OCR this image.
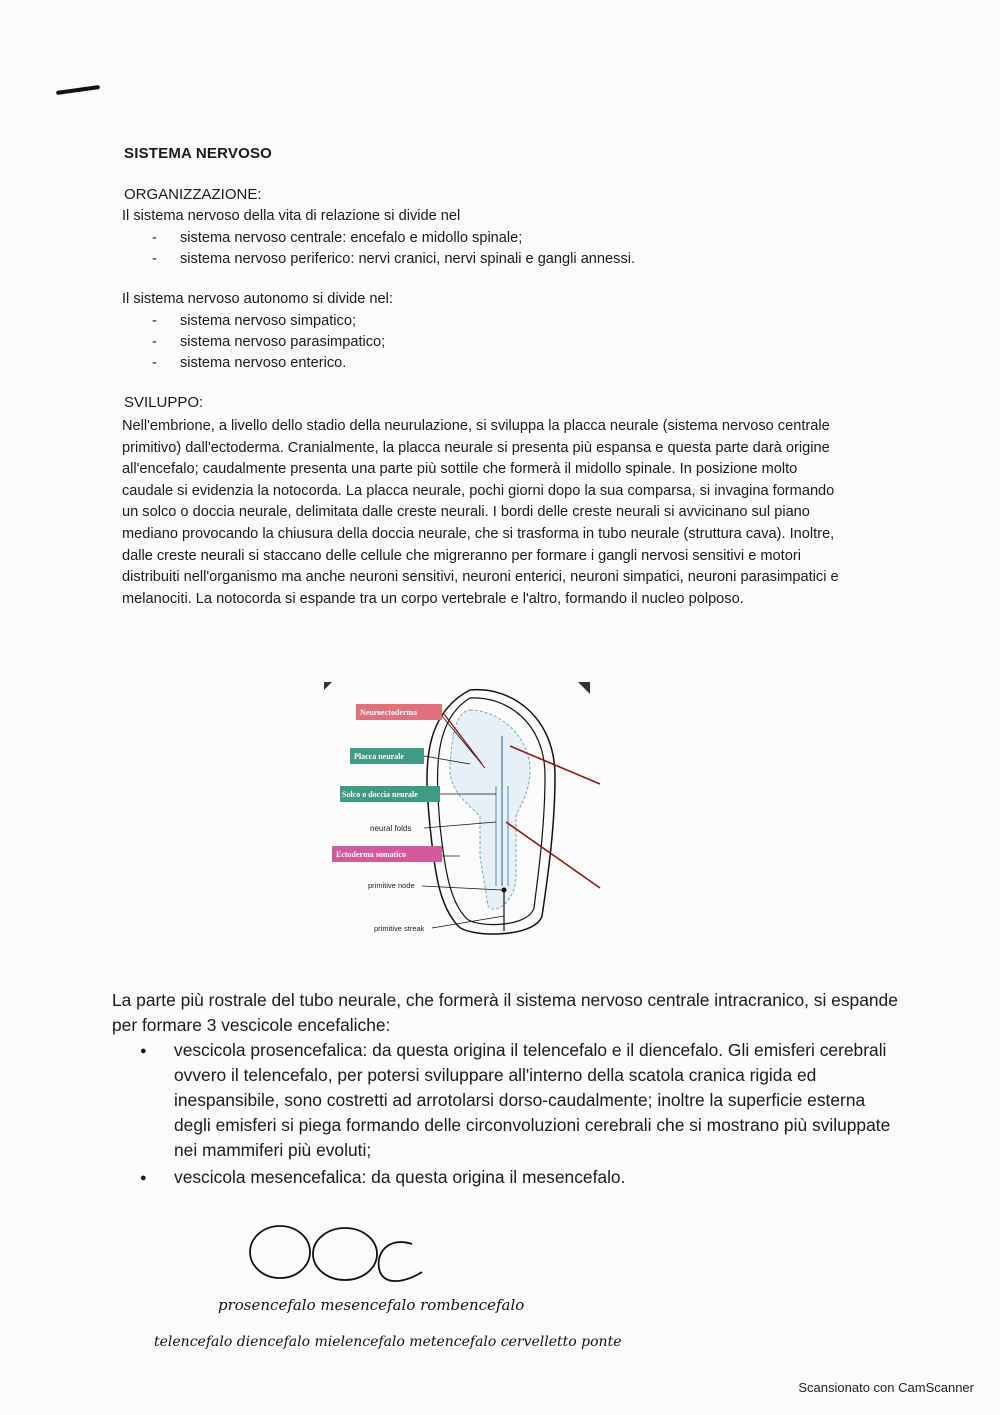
SISTEMA NERVOSO
ORGANIZZAZIONE:
Il sistema nervoso della vita di relazione si divide nel
- sistema nervoso centrale: encefalo e midollo spinale;
- sistema nervoso periferico: nervi cranici, nervi spinali e gangli annessi.
Il sistema nervoso autonomo si divide nel:
- sistema nervoso simpatico;
- sistema nervoso parasimpatico;
- sistema nervoso enterico.
SVILUPPO:
Nell'embrione, a livello dello stadio della neurulazione, si sviluppa la placca neurale (sistema nervoso centrale primitivo) dall'ectoderma. Cranialmente, la placca neurale si presenta più espansa e questa parte darà origine all'encefalo; caudalmente presenta una parte più sottile che formerà il midollo spinale. In posizione molto caudale si evidenzia la notocorda. La placca neurale, pochi giorni dopo la sua comparsa, si invagina formando un solco o doccia neurale, delimitata dalle creste neurali. I bordi delle creste neurali si avvicinano sul piano mediano provocando la chiusura della doccia neurale, che si trasforma in tubo neurale (struttura cava). Inoltre, dalle creste neurali si staccano delle cellule che migreranno per formare i gangli nervosi sensitivi e motori distribuiti nell'organismo ma anche neuroni sensitivi, neuroni enterici, neuroni simpatici, neuroni parasimpatici e melanociti. La notocorda si espande tra un corpo vertebrale e l'altro, formando il nucleo polposo.
Neuroectoderma
Placca neurale
Solco o doccia neurale
neural folds
Ectoderma somatico
primitive node
primitive streak
La parte più rostrale del tubo neurale, che formerà il sistema nervoso centrale intracranico, si espande per formare 3 vescicole encefaliche:
● vescicola prosencefalica: da questa origina il telencefalo e il diencefalo. Gli emisferi cerebrali ovvero il telencefalo, per potersi sviluppare all'interno della scatola cranica rigida ed inespansibile, sono costretti ad arrotolarsi dorso-caudalmente; inoltre la superficie esterna degli emisferi si piega formando delle circonvoluzioni cerebrali che si mostrano più sviluppate nei mammiferi più evoluti;
● vescicola mesencefalica: da questa origina il mesencefalo.
prosencefalo mesencefalo rombencefalo
telencefalo diencefalo mielencefalo metencefalo cervelletto ponte
Scansionato con CamScanner
